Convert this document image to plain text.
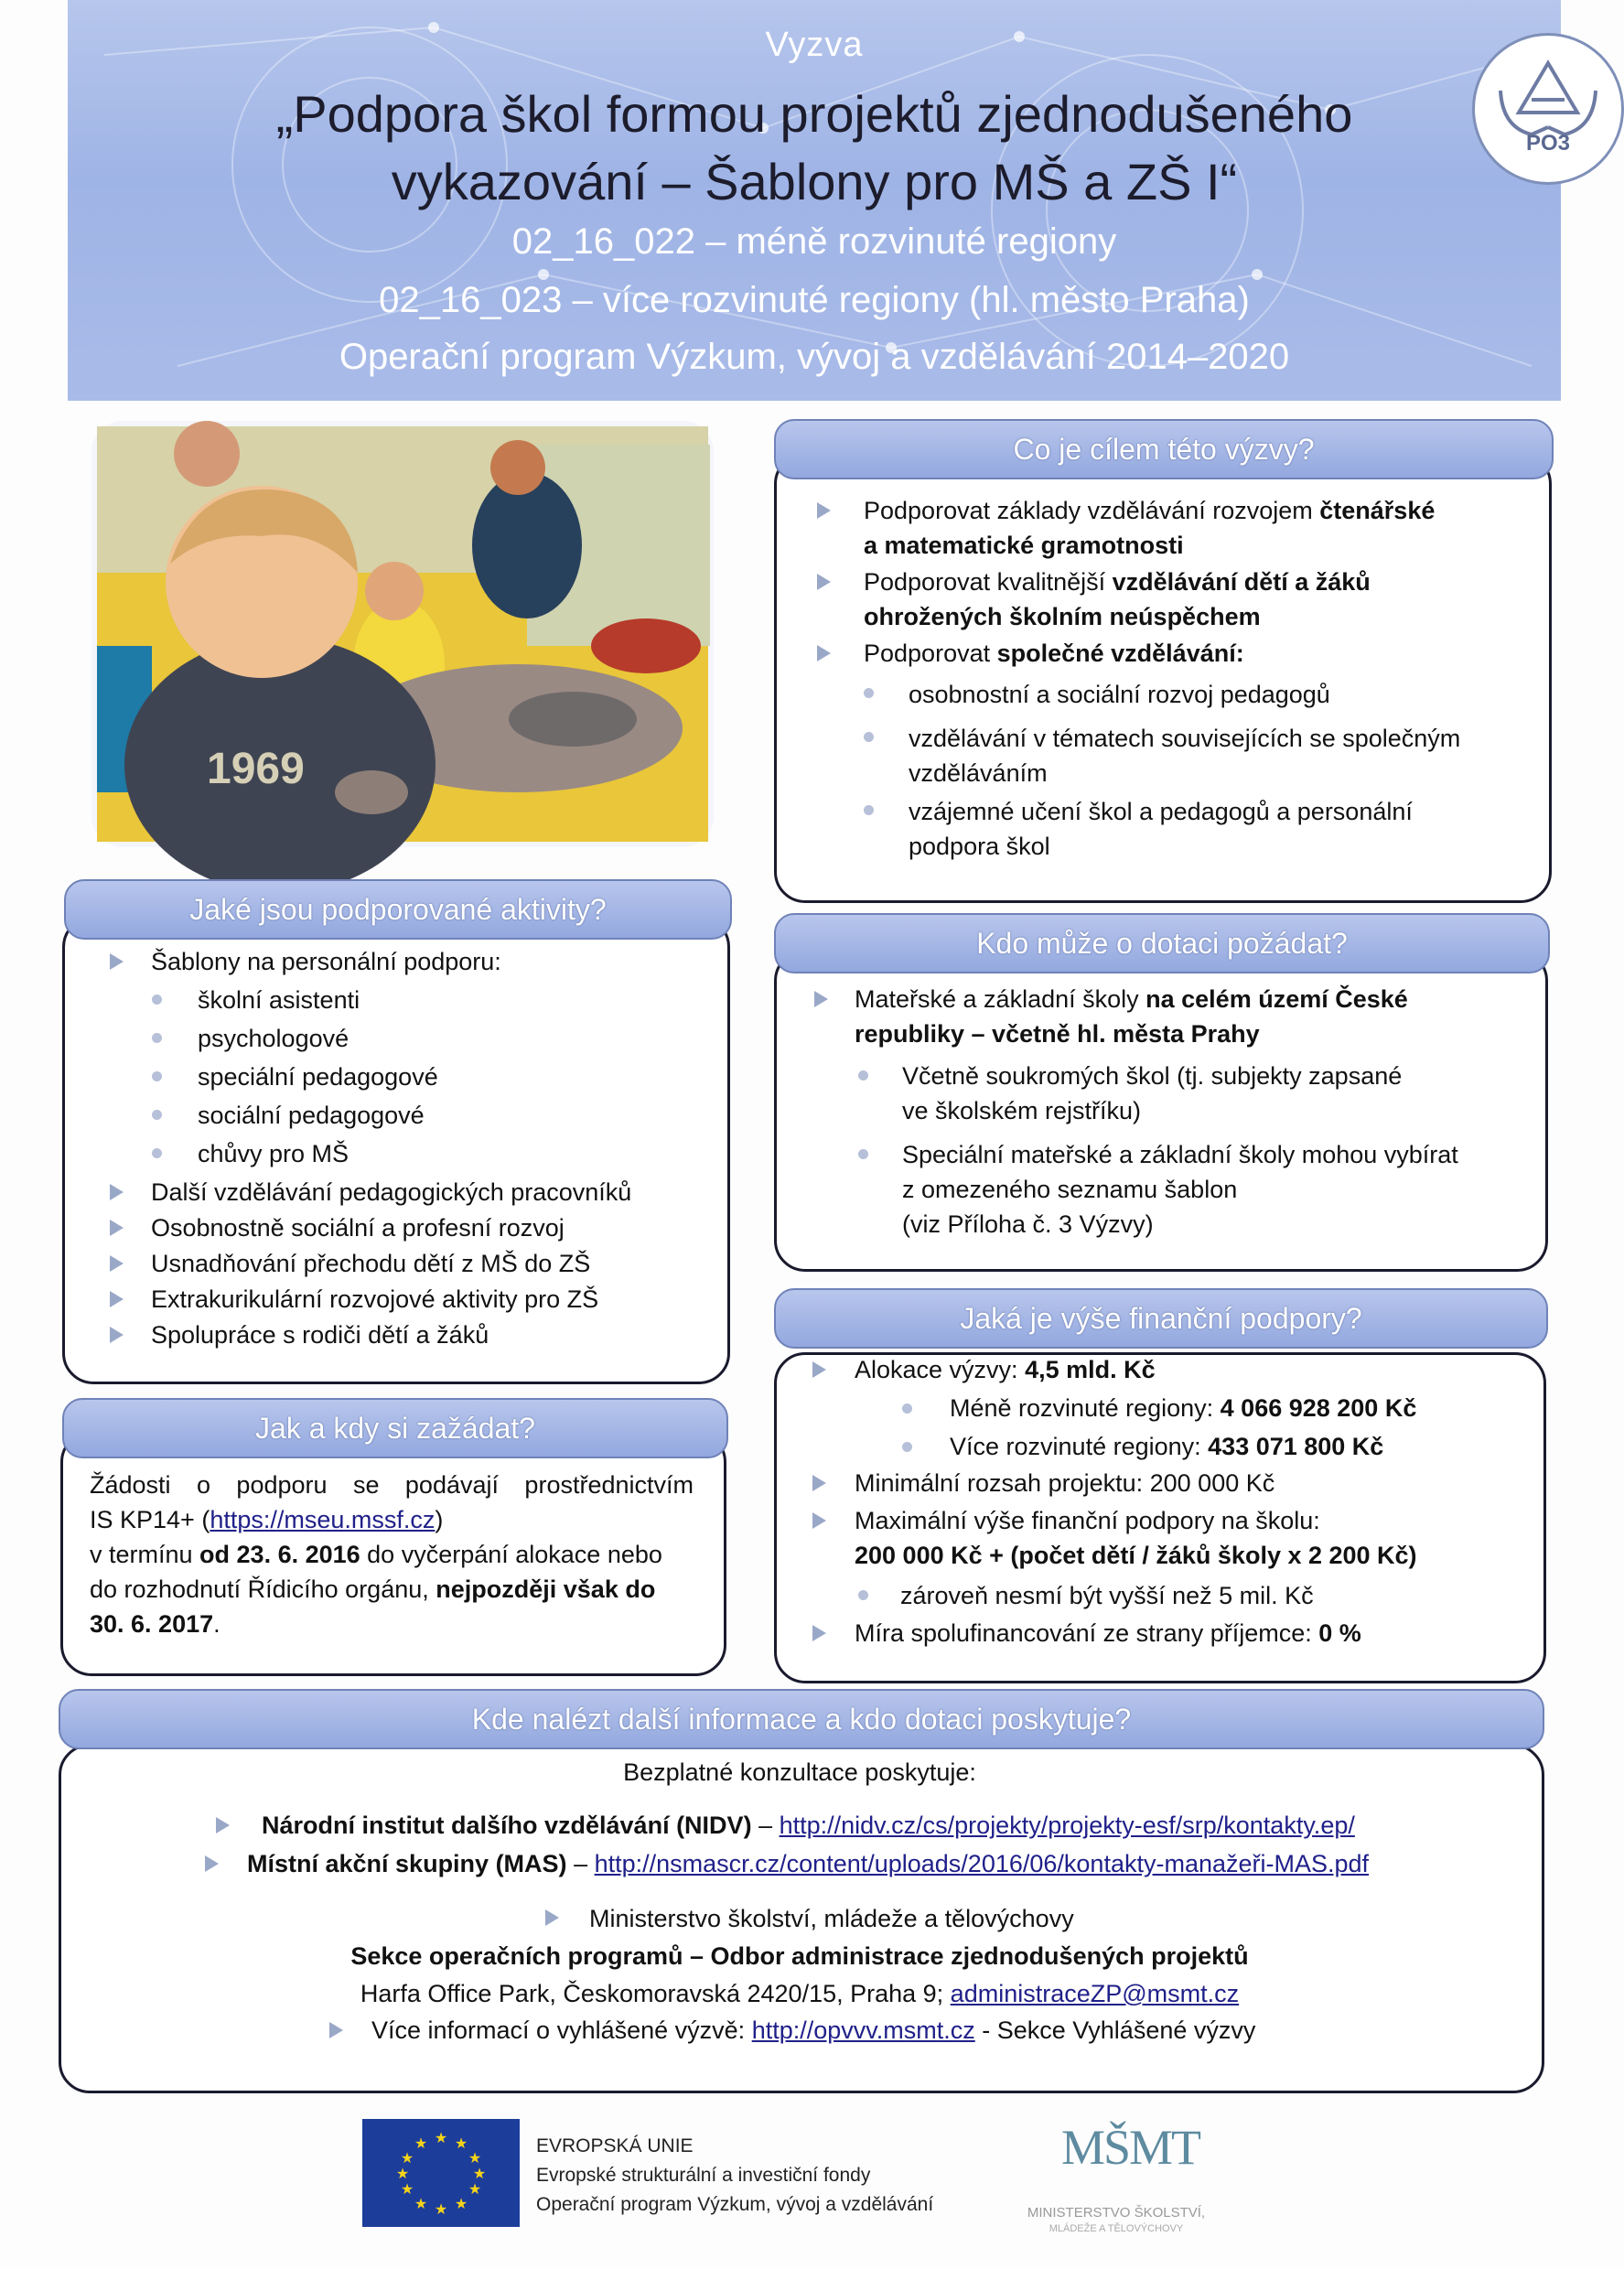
Vyzva
„Podpora škol formou projektů zjednodušeného
vykazování – Šablony pro MŠ a ZŠ I“
02_16_022 – méně rozvinuté regiony
02_16_023 – více rozvinuté regiony (hl. město Praha)
Operační program Výzkum, vývoj a vzdělávání 2014–2020
PO3
1969
Co je cílem této výzvy?
Podporovat základy vzdělávání rozvojem čtenářské
a matematické gramotnosti
Podporovat kvalitnější vzdělávání dětí a žáků
ohrožených školním neúspěchem
Podporovat společné vzdělávání:
osobnostní a sociální rozvoj pedagogů
vzdělávání v tématech souvisejících se společným
vzděláváním
vzájemné učení škol a pedagogů a personální
podpora škol
Jaké jsou podporované aktivity?
Šablony na personální podporu:
školní asistenti
psychologové
speciální pedagogové
sociální pedagogové
chůvy pro MŠ
Další vzdělávání pedagogických pracovníků
Osobnostně sociální a profesní rozvoj
Usnadňování přechodu dětí z MŠ do ZŠ
Extrakurikulární rozvojové aktivity pro ZŠ
Spolupráce s rodiči dětí a žáků
Kdo může o dotaci požádat?
Mateřské a základní školy na celém území České
republiky – včetně hl. města Prahy
Včetně soukromých škol (tj. subjekty zapsané
ve školském rejstříku)
Speciální mateřské a základní školy mohou vybírat
z omezeného seznamu šablon
(viz Příloha č. 3 Výzvy)
Jak a kdy si zažádat?
Žádosti o podporu se podávají prostřednictvím
IS KP14+ (https://mseu.mssf.cz)
v termínu od 23. 6. 2016 do vyčerpání alokace nebo
do rozhodnutí Řídicího orgánu, nejpozději však do
30. 6. 2017.
Jaká je výše finanční podpory?
Alokace výzvy: 4,5 mld. Kč
Méně rozvinuté regiony: 4 066 928 200 Kč
Více rozvinuté regiony: 433 071 800 Kč
Minimální rozsah projektu: 200 000 Kč
Maximální výše finanční podpory na školu:
200 000 Kč + (počet dětí / žáků školy x 2 200 Kč)
zároveň nesmí být vyšší než 5 mil. Kč
Míra spolufinancování ze strany příjemce: 0 %
Kde nalézt další informace a kdo dotaci poskytuje?
Bezplatné konzultace poskytuje:
Národní institut dalšího vzdělávání (NIDV) – http://nidv.cz/cs/projekty/projekty-esf/srp/kontakty.ep/
Místní akční skupiny (MAS) – http://nsmascr.cz/content/uploads/2016/06/kontakty-manažeři-MAS.pdf
Ministerstvo školství, mládeže a tělovýchovy
Sekce operačních programů – Odbor administrace zjednodušených projektů
Harfa Office Park, Českomoravská 2420/15, Praha 9; administraceZP@msmt.cz
Více informací o vyhlášené výzvě: http://opvvv.msmt.cz - Sekce Vyhlášené výzvy
★ ★
★
★
★
★
★
★
★
★
★
★	EVROPSKÁ UNIE
Evropské strukturální a investiční fondy
Operační program Výzkum, vývoj a vzdělávání
MŠMT
MINISTERSTVO ŠKOLSTVÍ,
MLÁDEŽE A TĚLOVÝCHOVY
